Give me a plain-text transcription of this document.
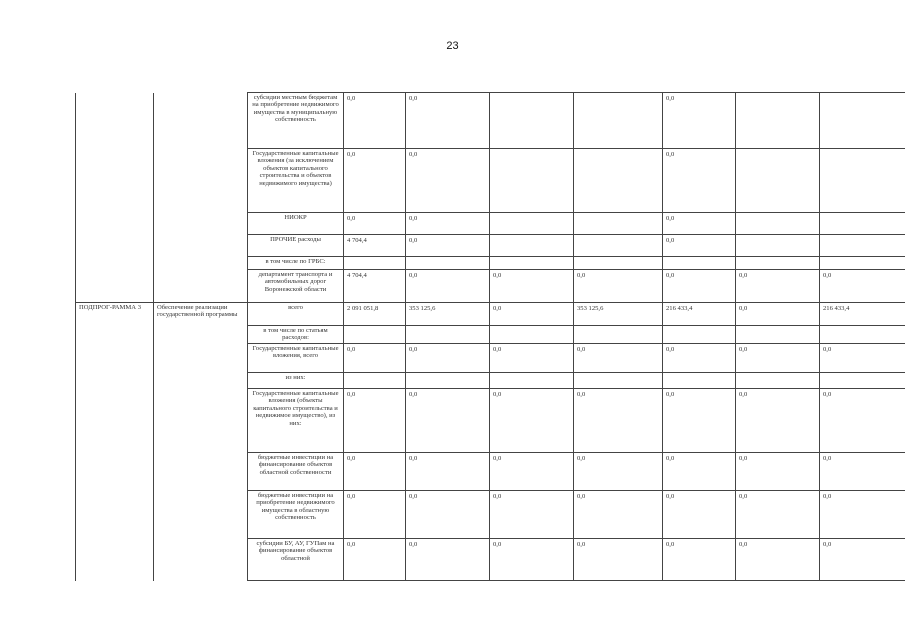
23
		субсидии местным бюджетам на приобретение недвижимого имущества в муниципальную собственность	0,0	0,0			0,0		
		Государственные капитальные вложения (за исключением объектов капитального строительства и объектов недвижимого имущества)	0,0	0,0			0,0		
		НИОКР	0,0	0,0			0,0		
		ПРОЧИЕ расходы	4 704,4	0,0			0,0		
		в том числе по ГРБС:							
		департамент транспорта и автомобильных дорог Воронежской области	4 704,4	0,0	0,0	0,0	0,0	0,0	0,0
ПОДПРОГ-РАММА 3	Обеспечение реализации государственной программы	всего	2 091 051,8	353 125,6	0,0	353 125,6	216 433,4	0,0	216 433,4
		в том числе по статьям расходов:							
		Государственные капитальные вложения, всего	0,0	0,0	0,0	0,0	0,0	0,0	0,0
		из них:							
		Государственные капитальные вложения (объекты капитального строительства и недвижимое имущество), из них:	0,0	0,0	0,0	0,0	0,0	0,0	0,0
		бюджетные инвестиции на финансирование объектов областной собственности	0,0	0,0	0,0	0,0	0,0	0,0	0,0
		бюджетные инвестиции на приобретение недвижимого имущества в областную собственность	0,0	0,0	0,0	0,0	0,0	0,0	0,0
		субсидии БУ, АУ, ГУПам на финансирование объектов областной	0,0	0,0	0,0	0,0	0,0	0,0	0,0
